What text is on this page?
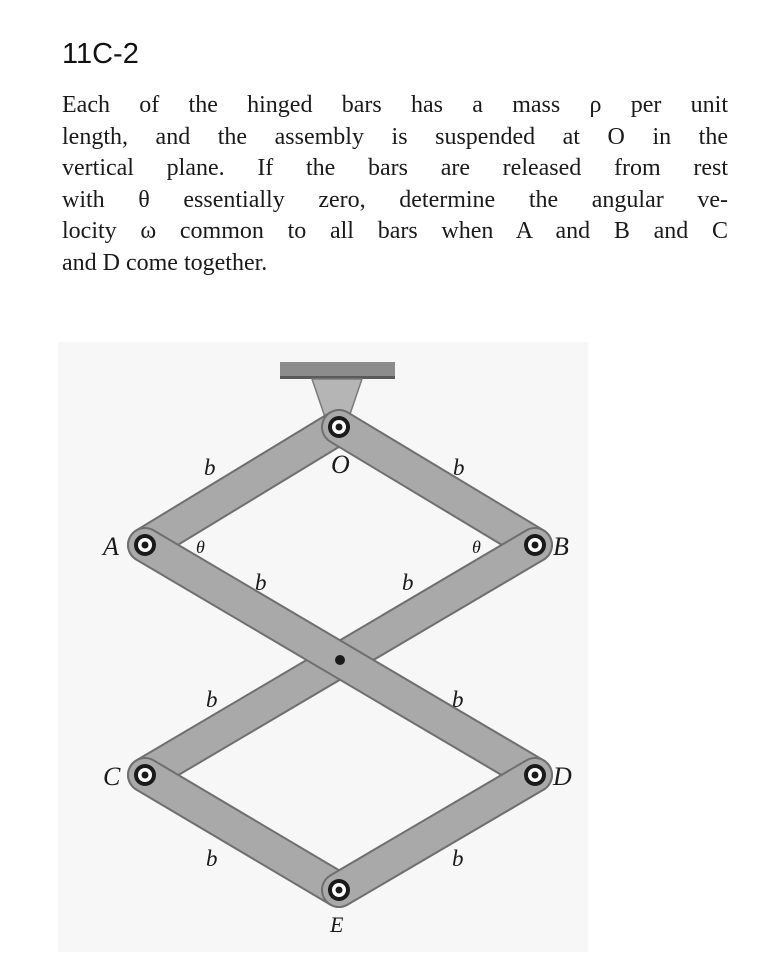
11C-2
Each of the hinged bars has a mass ρ per unit
length, and the assembly is suspended at O in the
vertical plane. If the bars are released from rest
with θ essentially zero, determine the angular ve-
locity ω common to all bars when A and B and C
and D come together.
O
A	B
C	D
E
b	b
b	b
b	b
b	b
θ	θ
